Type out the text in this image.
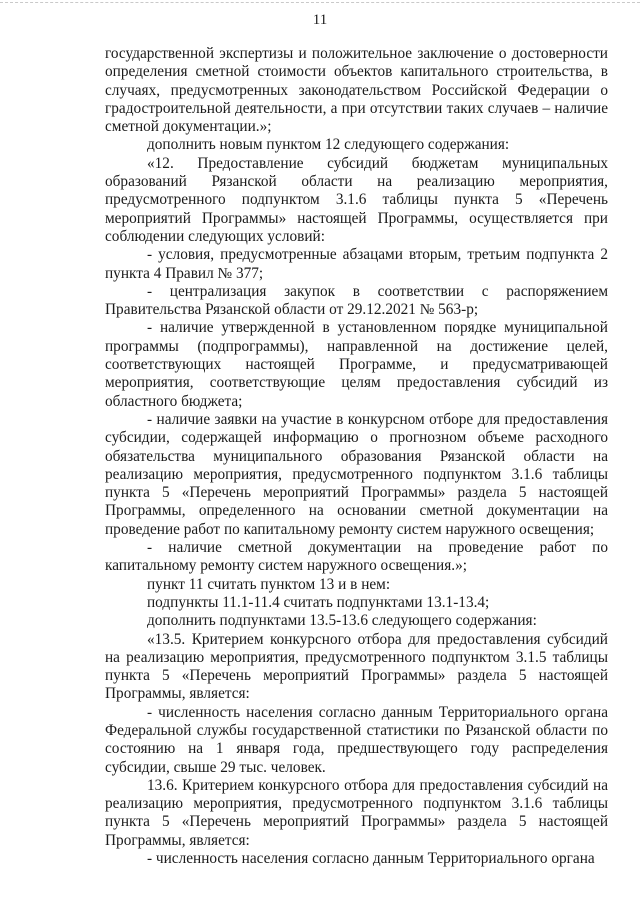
11

государственной экспертизы и положительное заключение о достоверности определения сметной стоимости объектов капитального строительства, в случаях, предусмотренных законодательством Российской Федерации о градостроительной деятельности, а при отсутствии таких случаев – наличие сметной документации.»;

дополнить новым пунктом 12 следующего содержания:

«12. Предоставление субсидий бюджетам муниципальных образований Рязанской области на реализацию мероприятия, предусмотренного подпунктом 3.1.6 таблицы пункта 5 «Перечень мероприятий Программы» настоящей Программы, осуществляется при соблюдении следующих условий:

- условия, предусмотренные абзацами вторым, третьим подпункта 2 пункта 4 Правил № 377;

- централизация закупок в соответствии с распоряжением Правительства Рязанской области от 29.12.2021 № 563-р;

- наличие утвержденной в установленном порядке муниципальной программы (подпрограммы), направленной на достижение целей, соответствующих настоящей Программе, и предусматривающей мероприятия, соответствующие целям предоставления субсидий из областного бюджета;

- наличие заявки на участие в конкурсном отборе для предоставления субсидии, содержащей информацию о прогнозном объеме расходного обязательства муниципального образования Рязанской области на реализацию мероприятия, предусмотренного подпунктом 3.1.6 таблицы пункта 5 «Перечень мероприятий Программы» раздела 5 настоящей Программы, определенного на основании сметной документации на проведение работ по капитальному ремонту систем наружного освещения;

- наличие сметной документации на проведение работ по капитальному ремонту систем наружного освещения.»;

пункт 11 считать пунктом 13 и в нем:

подпункты 11.1-11.4 считать подпунктами 13.1-13.4;

дополнить подпунктами 13.5-13.6 следующего содержания:

«13.5. Критерием конкурсного отбора для предоставления субсидий на реализацию мероприятия, предусмотренного подпунктом 3.1.5 таблицы пункта 5 «Перечень мероприятий Программы» раздела 5 настоящей Программы, является:

- численность населения согласно данным Территориального органа Федеральной службы государственной статистики по Рязанской области по состоянию на 1 января года, предшествующего году распределения субсидии, свыше 29 тыс. человек.

13.6. Критерием конкурсного отбора для предоставления субсидий на реализацию мероприятия, предусмотренного подпунктом 3.1.6 таблицы пункта 5 «Перечень мероприятий Программы» раздела 5 настоящей Программы, является:

- численность населения согласно данным Территориального органа
